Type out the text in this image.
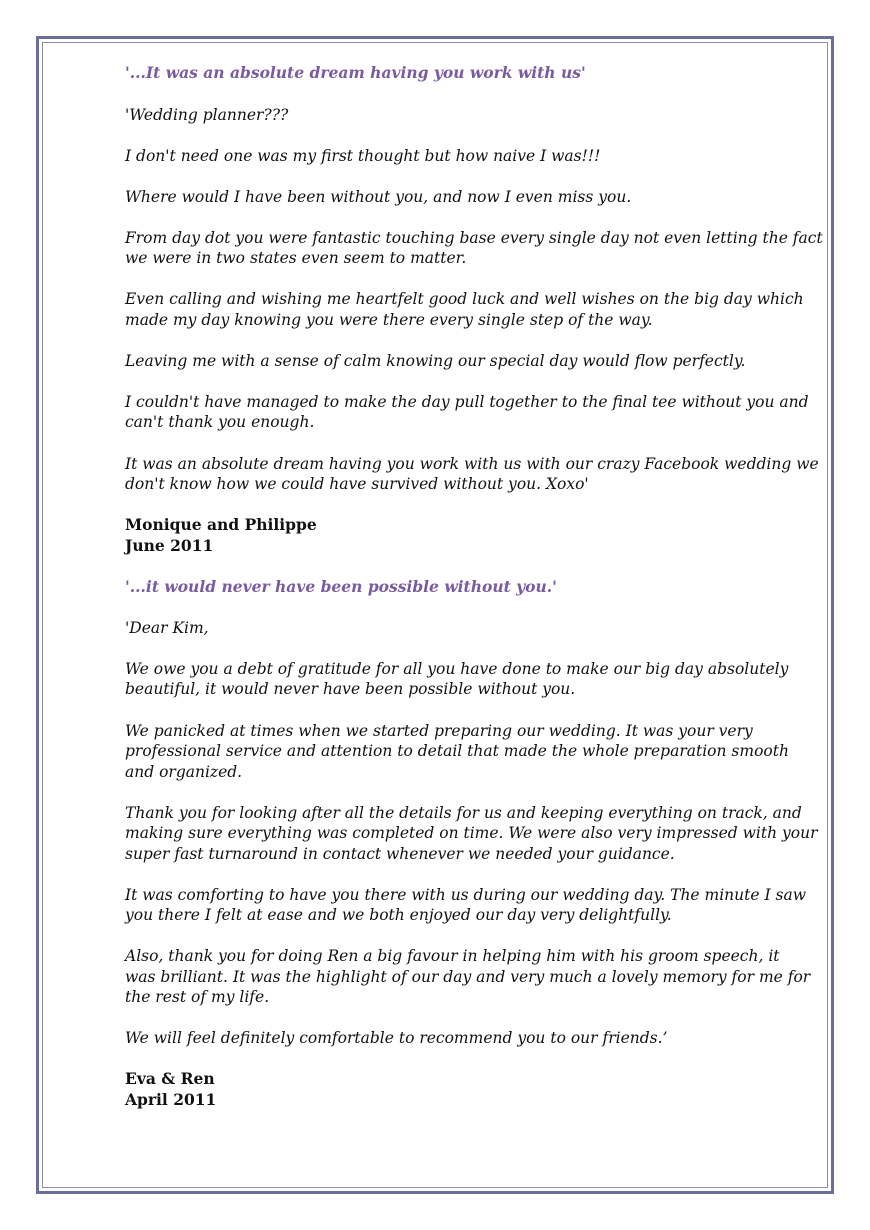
'...It was an absolute dream having you work with us'

'Wedding planner???

I don't need one was my first thought but how naive I was!!!

Where would I have been without you, and now I even miss you.

From day dot you were fantastic touching base every single day not even letting the fact

we were in two states even seem to matter.

Even calling and wishing me heartfelt good luck and well wishes on the big day which

made my day knowing you were there every single step of the way.

Leaving me with a sense of calm knowing our special day would flow perfectly.

I couldn't have managed to make the day pull together to the final tee without you and

can't thank you enough.

It was an absolute dream having you work with us with our crazy Facebook wedding we

don't know how we could have survived without you. Xoxo'

Monique and Philippe

June 2011

'...it would never have been possible without you.'

'Dear Kim,

We owe you a debt of gratitude for all you have done to make our big day absolutely

beautiful, it would never have been possible without you.

We panicked at times when we started preparing our wedding. It was your very

professional service and attention to detail that made the whole preparation smooth

and organized.

Thank you for looking after all the details for us and keeping everything on track, and

making sure everything was completed on time. We were also very impressed with your

super fast turnaround in contact whenever we needed your guidance.

It was comforting to have you there with us during our wedding day. The minute I saw

you there I felt at ease and we both enjoyed our day very delightfully.

Also, thank you for doing Ren a big favour in helping him with his groom speech, it

was brilliant. It was the highlight of our day and very much a lovely memory for me for

the rest of my life.

We will feel definitely comfortable to recommend you to our friends.’

Eva & Ren

April 2011
